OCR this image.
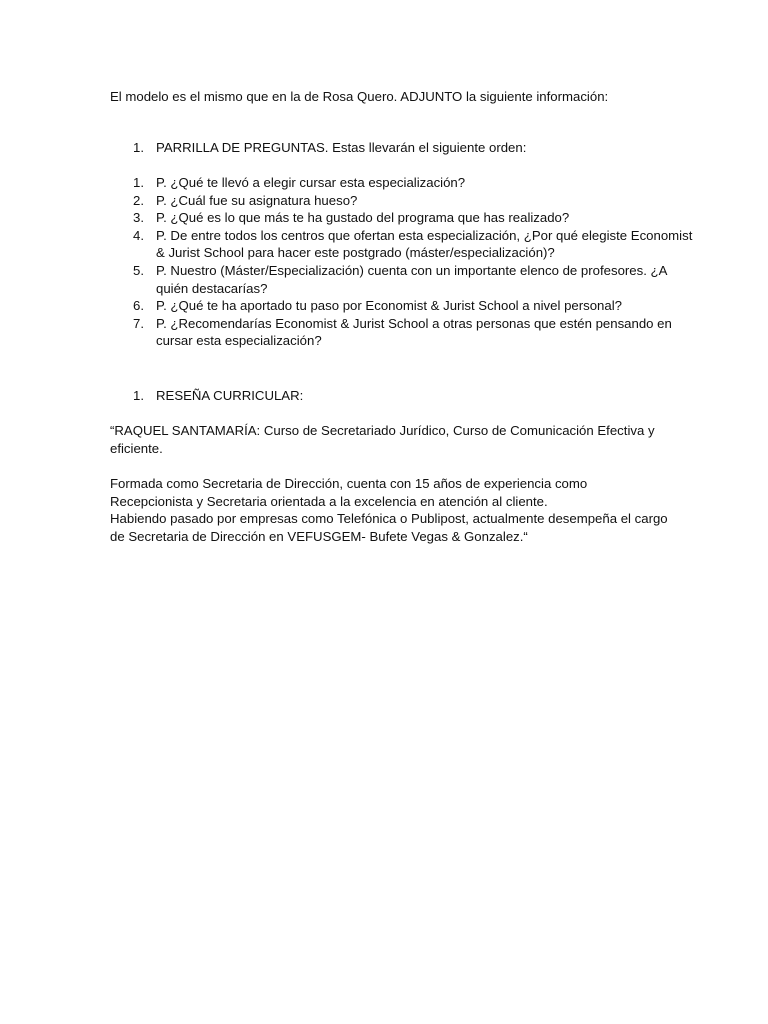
El modelo es el mismo que en la de Rosa Quero. ADJUNTO la siguiente información:

1. PARRILLA DE PREGUNTAS. Estas llevarán el siguiente orden:
1. P. ¿Qué te llevó a elegir cursar esta especialización?
2. P. ¿Cuál fue su asignatura hueso?
3. P. ¿Qué es lo que más te ha gustado del programa que has realizado?
4. P. De entre todos los centros que ofertan esta especialización, ¿Por qué elegiste Economist & Jurist School para hacer este postgrado (máster/especialización)?
5. P. Nuestro (Máster/Especialización) cuenta con un importante elenco de profesores. ¿A quién destacarías?
6. P. ¿Qué te ha aportado tu paso por Economist & Jurist School a nivel personal?
7. P. ¿Recomendarías Economist & Jurist School a otras personas que estén pensando en cursar esta especialización?
1. RESEÑA CURRICULAR:

“RAQUEL SANTAMARÍA: Curso de Secretariado Jurídico, Curso de Comunicación Efectiva y eficiente.

Formada como Secretaria de Dirección, cuenta con 15 años de experiencia como Recepcionista y Secretaria orientada a la excelencia en atención al cliente.

Habiendo pasado por empresas como Telefónica o Publipost, actualmente desempeña el cargo de Secretaria de Dirección en VEFUSGEM- Bufete Vegas & Gonzalez.“
